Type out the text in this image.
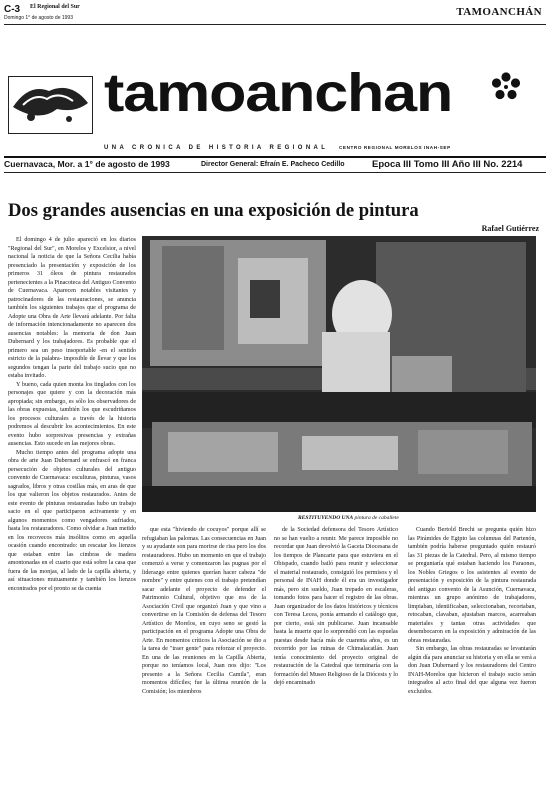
C-3 El Regional del Sur
Domingo 1° de agosto de 1993	TAMOANCHÁN
tamoanchan
UNA CRONICA DE HISTORIA REGIONAL CENTRO REGIONAL MORELOS INAH-SEP
Cuernavaca, Mor. a 1° de agosto de 1993	Director General: Efraín E. Pacheco Cedillo	Epoca III Tomo III Año III No. 2214
Dos grandes ausencias en una exposición de pintura
Rafael Gutiérrez

El domingo 4 de julio apareció en los diarios "Regional del Sur", en Morelos y Excelsior, a nivel nacional la noticia de que la Señora Cecilia había presenciado la presentación y exposición de los primeros 31 óleos de pintura restaurados pertenecientes a la Pinacoteca del Antiguo Convento de Cuernavaca. Aparecen notables visitantes y patrocinadores de las restauraciones, se anuncia también los siguientes trabajos que el programa de Adopte una Obra de Arte llevará adelante. Por falta de información intencionadamente no aparecen dos ausencias notables: la memoria de don Juan Dubernard y los trabajadores. Es probable que el primero sea un peso insoportable -en el sentido estricto de la palabra- imposible de llevar y que los segundos tengan la parte del trabajo sucio que no estaba invitado.

Y bueno, cada quien monta los tinglados con los personajes que quiere y con la decoración más apropiada; sin embargo, es sólo los observadores de las obras expuestas, también los que escudriñamos los procesos culturales a través de la historia podremos al descubrir los acontecimientos. En este evento hubo sorpresivas presencias y extrañas ausencias. Esto sucede en las mejores obras.

Mucho tiempo antes del programa adopte una obra de arte Juan Dubernard se enfrascó en franca persecución de objetos culturales del antiguo convento de Cuernavaca: esculturas, pinturas, vasos sagrados, libros y otras cosillas más, en aras de que los que valieron los objetos restaurados. Antes de este evento de pinturas restauradas hubo un trabajo sacio en el que participaron activamente y en algunos momentos como vengadores sufriados, hasta los restauradores. Como olvidar a Juan metido en los recovecos más insólitos como en aquella ocasión cuando encontrado: un rescatar los lienzos que estaban entre las cimbras de madera amontonadas en el cuarto que está sobre la casa que fuera de las monjas, al lado de la capilla abierta, y así situaciones mutuamente y también los lienzos encontrados por el pronto se da cuenta

RESTITUYENDO UNA pintura de caballete

que esta "hiviendo de cocuyos" porque allí se refugiaban las palomas. Las consecuencias en Juan y su ayudante son para morirse de risa pero los dos restauradores. Hubo un momento en que el trabajo comenzó a verse y comenzaron las pugnas por el liderazgo entre quienes querían hacer cabeza "de nombre" y entre quienes con el trabajo pretendían sacar adelante el proyecto de defender el Patrimonio Cultural, objetivo que era de la Asociación Civil que organizó Juan y que vino a convertirse en la Comisión de defensa del Tesoro Artístico de Morelos, en cuyo seno se gestó la participación en el programa Adopte una Obra de Arte. En momentos críticos la Asociación se dio a la tarea de "traer gente" para reforzar el proyecto. En una de las reuniones en la Capilla Abierta, porque no teníamos local, Juan nos dijo: "Los presento a la Señora Cecilia Camila", eran momentos difíciles; fue la última reunión de la Comisión; los miembros

de la Sociedad defensora del Tesoro Artístico no se han vuelto a reunir. Me parece imposible no recordar que Juan devolvió la Gaceta Diocesana de los tiempos de Plancarte para que estuviera en el Obispado, cuando bailó para reunir y seleccionar el material restaurado, consiguió los permisos y el personal de INAH donde él era un investigador más, pero sin sueldo, Juan trepado en escaleras, tomando fotos para hacer el registro de las obras. Juan organizador de los datos históricos y técnicos con Teresa Lecea, ponía armando el catálogo que, por cierto, está sin publicarse. Juan incansable hasta la muerte que lo sorprendió con las espuelas puestas desde hacía más de cuarenta años, es un recorrido por las ruinas de Chimalacatlán. Juan tenía conocimiento del proyecto original de restauración de la Catedral que terminaría con la formación del Museo Religioso de la Diócesis y lo dejó encaminado

Cuando Bertold Brecht se pregunta quién hizo las Pirámides de Egipto las columnas del Partenón, también podría haberse preguntado quién restauró las 31 piezas de la Catedral. Pero, al mismo tiempo se preguntaría qué estaban haciendo los Faraones, los Nobles Griegos o los asistentes al evento de presentación y exposición de la pintura restaurada del antiguo convento de la Asunción, Cuernavaca, mientras un grupo anónimo de trabajadores, limpiaban, identificaban, seleccionaban, recortaban, retocaban, clavaban, ajustaban marcos, acarreaban materiales y tantas otras actividades que desembocaron en la exposición y admiración de las obras restauradas.

Sin embargo, las obras restauradas se levantarán algún día para anunciar su historia y en ella se verá a don Juan Dubernard y los restauradores del Centro INAH-Morelos que hicieron el trabajo sucio serán integrados al acto final del que alguna vez fueron excluidos.
